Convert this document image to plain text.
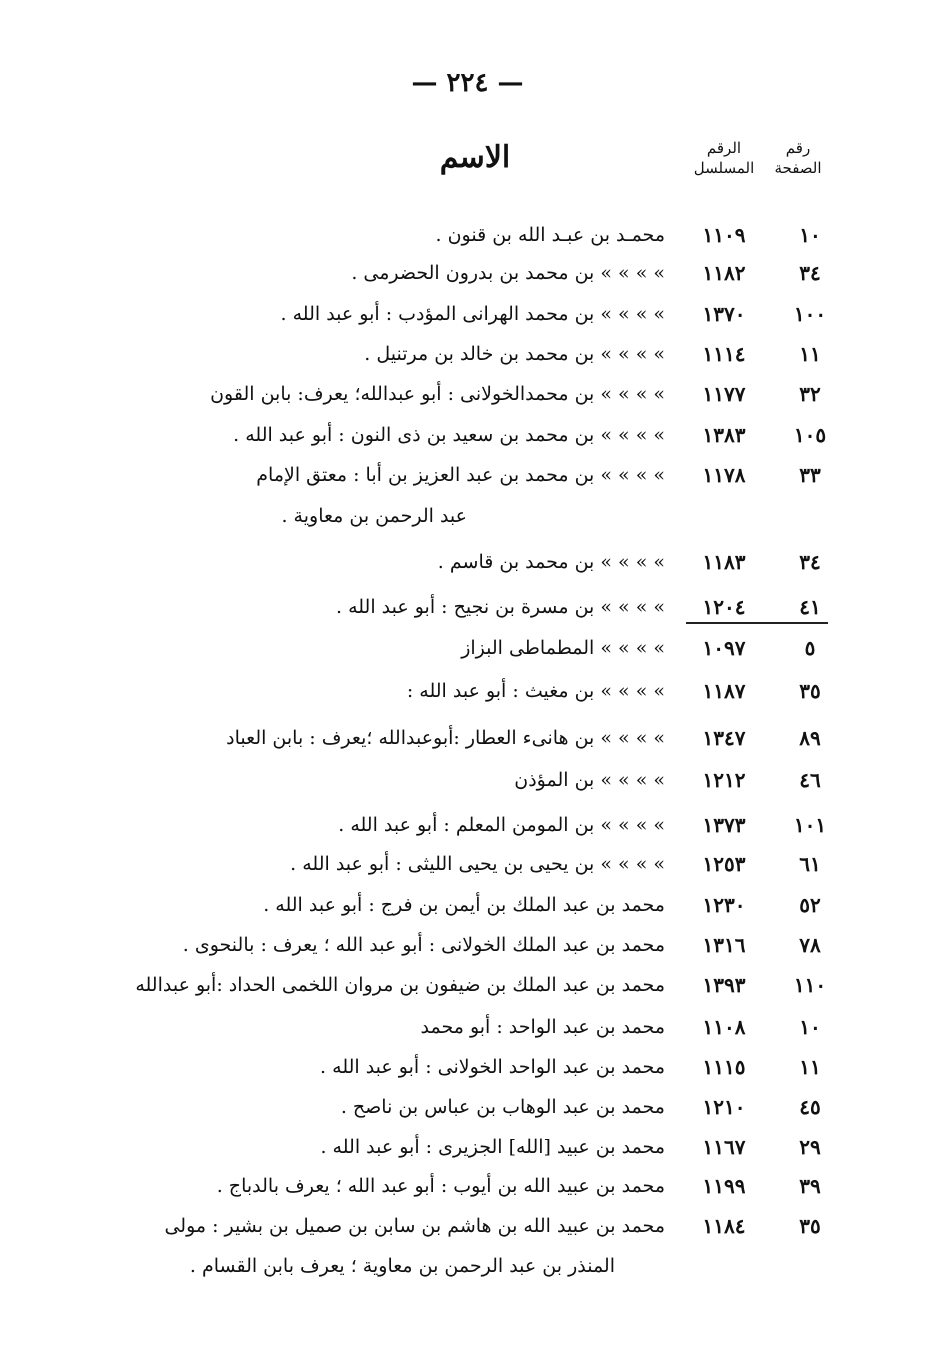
— ٢٢٤ —
رقم
الصفحة
الرقم
المسلسل
الاسم
١٠
١١٠٩
محمـد بن عبـد الله بن قنون .
٣٤
١١٨٢
» » » » بن محمد بن بدرون الحضرمى .
١٠٠
١٣٧٠
» » » » بن محمد الهرانى المؤدب : أبو عبد الله .
١١
١١١٤
» » » » بن محمد بن خالد بن مرتنيل .
٣٢
١١٧٧
» » » » بن محمدالخولانى : أبو عبدالله؛ يعرف: بابن القون
١٠٥
١٣٨٣
» » » » بن محمد بن سعيد بن ذى النون : أبو عبد الله .
٣٣
١١٧٨
» » » » بن محمد بن عبد العزيز بن أبا : معتق الإمام
عبد الرحمن بن معاوية .
٣٤
١١٨٣
» » » » بن محمد بن قاسم .
٤١
١٢٠٤
» » » » بن مسرة بن نجيح : أبو عبد الله .
٥
١٠٩٧
» » » » المطماطى البزاز
٣٥
١١٨٧
» » » » بن مغيث : أبو عبد الله :
٨٩
١٣٤٧
» » » » بن هانىء العطار :أبوعبدالله ؛يعرف : بابن العباد
٤٦
١٢١٢
» » » » بن المؤذن
١٠١
١٣٧٣
» » » » بن المومن المعلم : أبو عبد الله .
٦١
١٢٥٣
» » » » بن يحيى بن يحيى الليثى : أبو عبد الله .
٥٢
١٢٣٠
محمد بن عبد الملك بن أيمن بن فرج : أبو عبد الله .
٧٨
١٣١٦
محمد بن عبد الملك الخولانى : أبو عبد الله ؛ يعرف : بالنحوى .
١١٠
١٣٩٣
محمد بن عبد الملك بن ضيفون بن مروان اللخمى الحداد :أبو عبدالله
١٠
١١٠٨
محمد بن عبد الواحد : أبو محمد
١١
١١١٥
محمد بن عبد الواحد الخولانى : أبو عبد الله .
٤٥
١٢١٠
محمد بن عبد الوهاب بن عباس بن ناصح .
٢٩
١١٦٧
محمد بن عبيد [الله] الجزيرى : أبو عبد الله .
٣٩
١١٩٩
محمد بن عبيد الله بن أيوب : أبو عبد الله ؛ يعرف بالدباج .
٣٥
١١٨٤
محمد بن عبيد الله بن هاشم بن سابن بن صميل بن بشير : مولى
المنذر بن عبد الرحمن بن معاوية ؛ يعرف بابن القسام .
